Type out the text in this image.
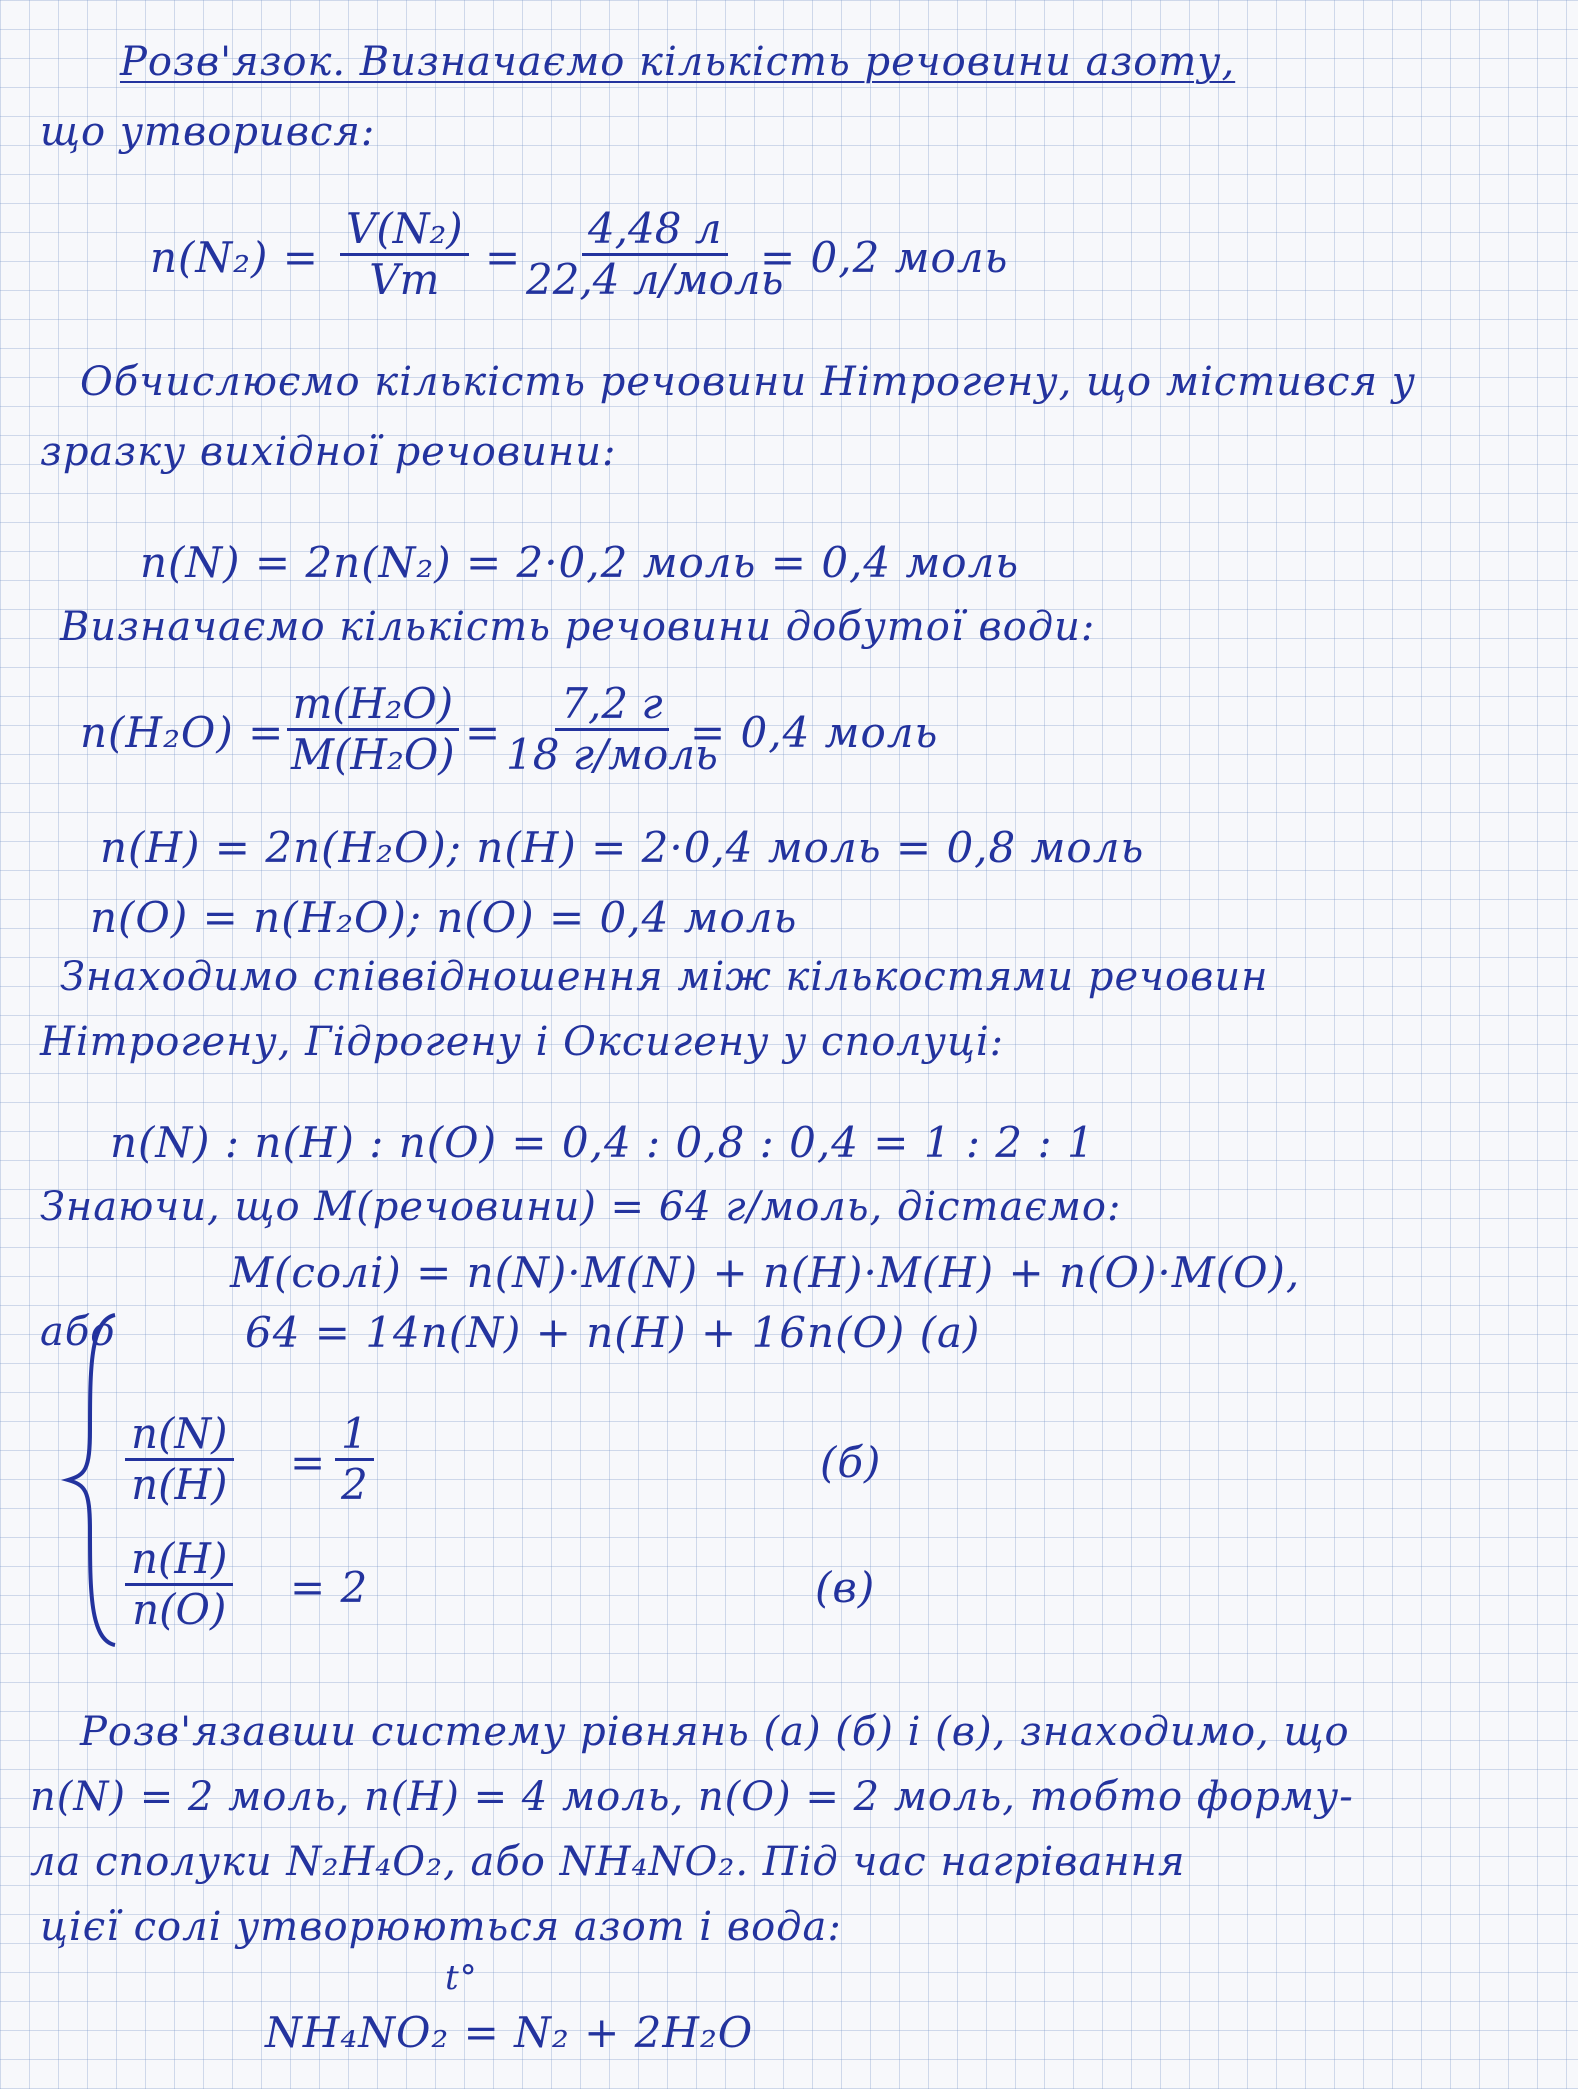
Розв'язок. Визначаємо кількість речовини азоту,
що утворився:
$n(N_2) = \frac{\text{V(N₂)}}{Vm}$ =
4,48 л
22,4 л/моль
= 0,2 моль
Обчислюємо кількість речовини Нітрогену, що містився у
зразку вихідної речовини:
n(N) = 2n(N₂) = 2·0,2 моль = 0,4 моль
Визначаємо кількість речовини добутої води:
$n(H_2O) = \frac{\text{m(H₂O)}}{\text{M(H₂O)}}$ =
7,2 г
18 г/моль
= 0,4 моль
n(H) = 2n(H₂O); n(H) = 2·0,4 моль = 0,8 моль
n(O) = n(H₂O); n(O) = 0,4 моль
Знаходимо співвідношення між кількостями речовин
Нітрогену, Гідрогену і Оксигену у сполуці:
n(N) : n(H) : n(O) = 0,4 : 0,8 : 0,4 = 1 : 2 : 1
Знаючи, що M(речовини) = 64 г/моль, дістаємо:
M(солі) = n(N)·M(N) + n(H)·M(H) + n(O)·M(O),
або	64 = 14n(N) + n(H) + 16n(O) (а)
$\frac{n(N)}{n(H)} = \frac{1}{2}$	(б)
$\frac{n(H)}{n(O)} = 2$	(в)
Розв'язавши систему рівнянь (а) (б) і (в), знаходимо, що
n(N) = 2 моль, n(H) = 4 моль, n(O) = 2 моль, тобто форму-
ла сполуки N₂H₄O₂, або NH₄NO₂. Під час нагрівання
цієї солі утворюються азот і вода:
t°
NH₄NO₂ = N₂ + 2H₂O
